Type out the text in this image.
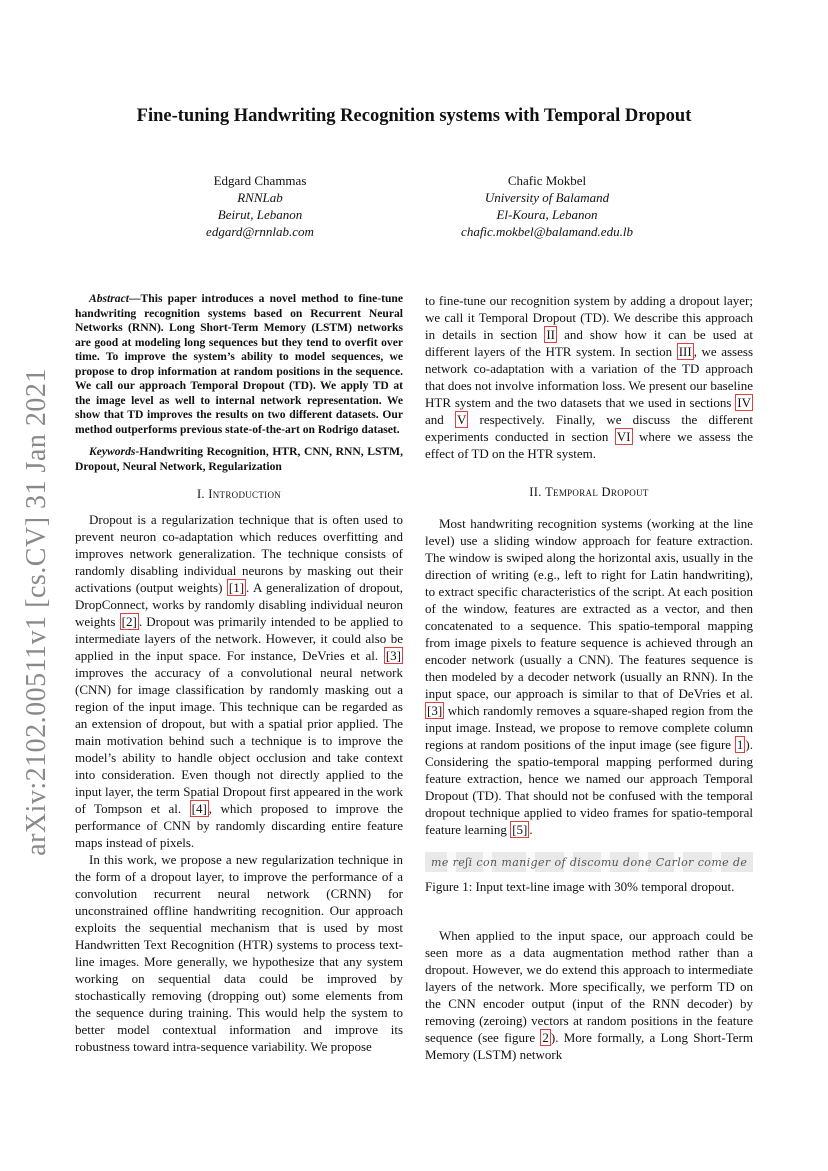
arXiv:2102.00511v1 [cs.CV] 31 Jan 2021
Fine-tuning Handwriting Recognition systems with Temporal Dropout
Edgard Chammas
RNNLab
Beirut, Lebanon
edgard@rnnlab.com
Chafic Mokbel
University of Balamand
El-Koura, Lebanon
chafic.mokbel@balamand.edu.lb

Abstract—This paper introduces a novel method to fine-tune handwriting recognition systems based on Recurrent Neural Networks (RNN). Long Short-Term Memory (LSTM) networks are good at modeling long sequences but they tend to overfit over time. To improve the system’s ability to model sequences, we propose to drop information at random positions in the sequence. We call our approach Temporal Dropout (TD). We apply TD at the image level as well to internal network representation. We show that TD improves the results on two different datasets. Our method outperforms previous state-of-the-art on Rodrigo dataset.

Keywords-Handwriting Recognition, HTR, CNN, RNN, LSTM, Dropout, Neural Network, Regularization

I. Introduction

Dropout is a regularization technique that is often used to prevent neuron co-adaptation which reduces overfitting and improves network generalization. The technique consists of randomly disabling individual neurons by masking out their activations (output weights) [1] . A generalization of dropout, DropConnect, works by randomly disabling individual neuron weights [2] . Dropout was primarily intended to be applied to intermediate layers of the network. However, it could also be applied in the input space. For instance, DeVries et al. [3] improves the accuracy of a convolutional neural network (CNN) for image classification by randomly masking out a region of the input image. This technique can be regarded as an extension of dropout, but with a spatial prior applied. The main motivation behind such a technique is to improve the model’s ability to handle object occlusion and take context into consideration. Even though not directly applied to the input layer, the term Spatial Dropout first appeared in the work of Tompson et al. [4] , which proposed to improve the performance of CNN by randomly discarding entire feature maps instead of pixels.

In this work, we propose a new regularization technique in the form of a dropout layer, to improve the performance of a convolution recurrent neural network (CRNN) for unconstrained offline handwriting recognition. Our approach exploits the sequential mechanism that is used by most Handwritten Text Recognition (HTR) systems to process text-line images. More generally, we hypothesize that any system working on sequential data could be improved by stochastically removing (dropping out) some elements from the sequence during training. This would help the system to better model contextual information and improve its robustness toward intra-sequence variability. We propose

to fine-tune our recognition system by adding a dropout layer; we call it Temporal Dropout (TD). We describe this approach in details in section II and show how it can be used at different layers of the HTR system. In section III , we assess network co-adaptation with a variation of the TD approach that does not involve information loss. We present our baseline HTR system and the two datasets that we used in sections IV and V respectively. Finally, we discuss the different experiments conducted in section VI where we assess the effect of TD on the HTR system.

II. Temporal Dropout

Most handwriting recognition systems (working at the line level) use a sliding window approach for feature extraction. The window is swiped along the horizontal axis, usually in the direction of writing (e.g., left to right for Latin handwriting), to extract specific characteristics of the script. At each position of the window, features are extracted as a vector, and then concatenated to a sequence. This spatio-temporal mapping from image pixels to feature sequence is achieved through an encoder network (usually a CNN). The features sequence is then modeled by a decoder network (usually an RNN). In the input space, our approach is similar to that of DeVries et al. [3] which randomly removes a square-shaped region from the input image. Instead, we propose to remove complete column regions at random positions of the input image (see figure 1 ). Considering the spatio-temporal mapping performed during feature extraction, hence we named our approach Temporal Dropout (TD). That should not be confused with the temporal dropout technique applied to video frames for spatio-temporal feature learning [5] .

me reʃi con maniger of discomu done Carlor come de
Figure 1: Input text-line image with 30% temporal dropout.

When applied to the input space, our approach could be seen more as a data augmentation method rather than a dropout. However, we do extend this approach to intermediate layers of the network. More specifically, we perform TD on the CNN encoder output (input of the RNN decoder) by removing (zeroing) vectors at random positions in the feature sequence (see figure 2 ). More formally, a Long Short-Term Memory (LSTM) network
